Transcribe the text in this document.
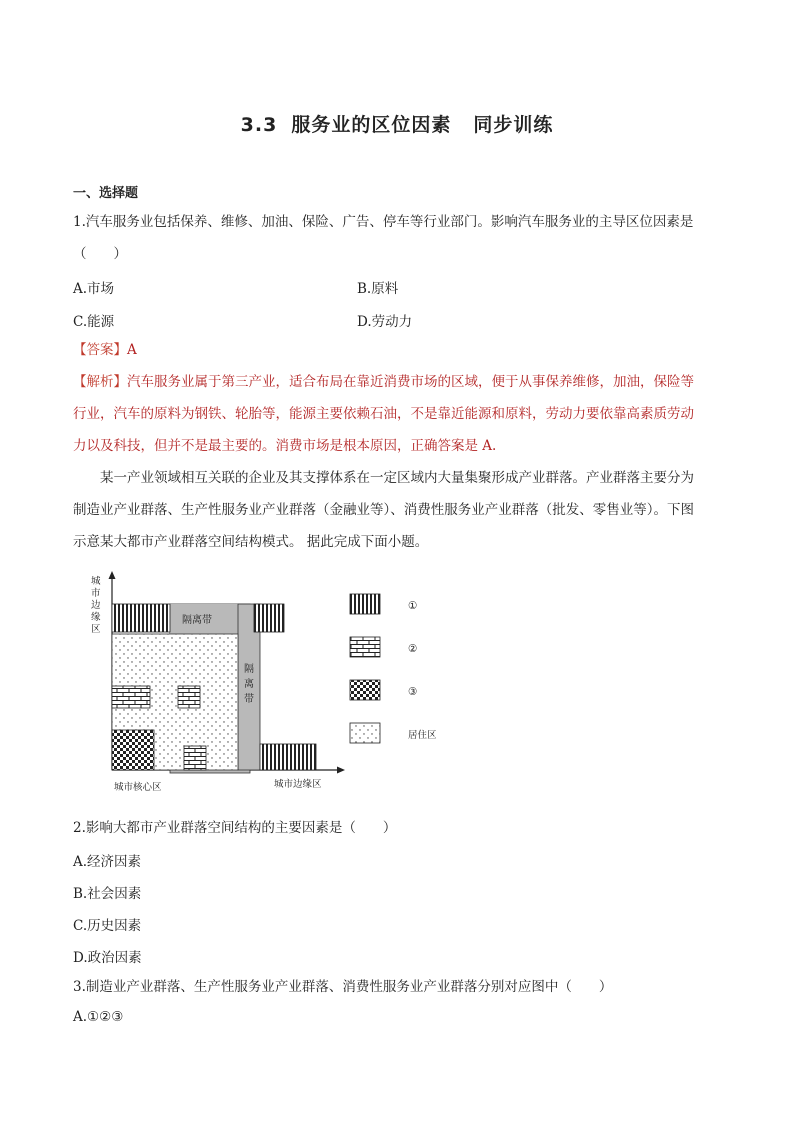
3.3 服务业的区位因素 同步训练
一、选择题
1.汽车服务业包括保养、维修、加油、保险、广告、停车等行业部门。影响汽车服务业的主导区位因素是
（　　）
A.市场	B.原料
C.能源	D.劳动力
【答案】A
【解析】汽车服务业属于第三产业，适合布局在靠近消费市场的区域，便于从事保养维修，加油，保险等
行业，汽车的原料为钢铁、轮胎等，能源主要依赖石油，不是靠近能源和原料，劳动力要依靠高素质劳动
力以及科技，但并不是最主要的。消费市场是根本原因，正确答案是 A.
　　某一产业领域相互关联的企业及其支撑体系在一定区域内大量集聚形成产业群落。产业群落主要分为
制造业产业群落、生产性服务业产业群落（金融业等）、消费性服务业产业群落（批发、零售业等）。下图
示意某大都市产业群落空间结构模式。 据此完成下面小题。
城
市
边
缘
区
隔离带
隔
离
带
城市核心区	城市边缘区
①
②
③
居住区
2.影响大都市产业群落空间结构的主要因素是（　　）
A.经济因素
B.社会因素
C.历史因素
D.政治因素
3.制造业产业群落、生产性服务业产业群落、消费性服务业产业群落分别对应图中（　　）
A.①②③
